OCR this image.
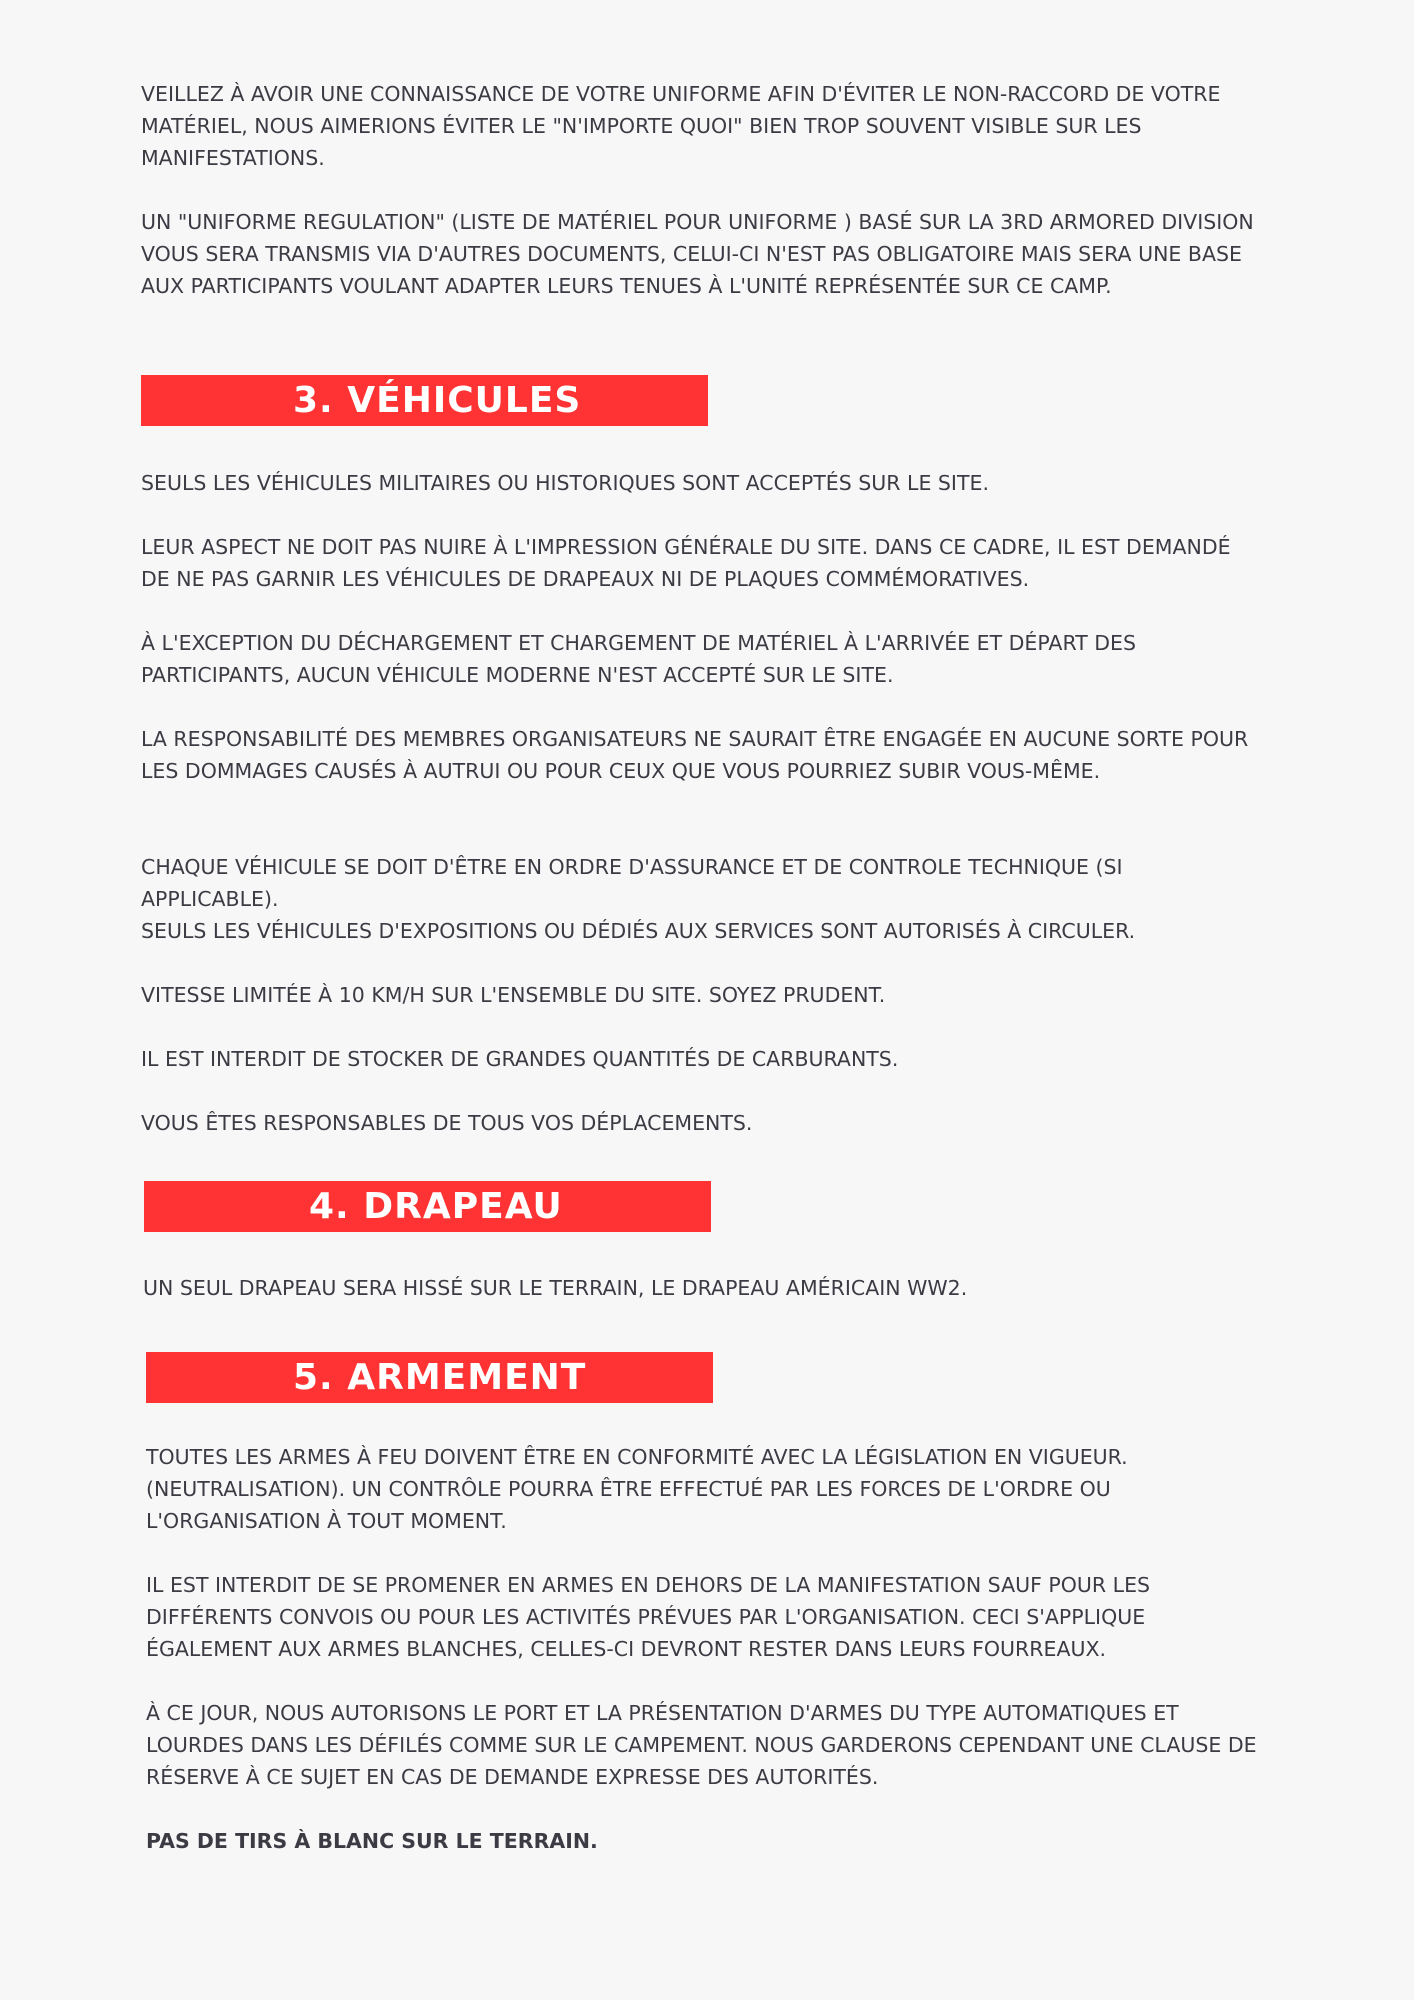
VEILLEZ À AVOIR UNE CONNAISSANCE DE VOTRE UNIFORME AFIN D'ÉVITER LE NON-RACCORD DE VOTRE MATÉRIEL, NOUS AIMERIONS ÉVITER LE "N'IMPORTE QUOI" BIEN TROP SOUVENT VISIBLE SUR LES MANIFESTATIONS.

UN "UNIFORME REGULATION" (LISTE DE MATÉRIEL POUR UNIFORME ) BASÉ SUR LA 3RD ARMORED DIVISION VOUS SERA TRANSMIS VIA D'AUTRES DOCUMENTS, CELUI-CI N'EST PAS OBLIGATOIRE MAIS SERA UNE BASE AUX PARTICIPANTS VOULANT ADAPTER LEURS TENUES À L'UNITÉ REPRÉSENTÉE SUR CE CAMP.

3. VÉHICULES

SEULS LES VÉHICULES MILITAIRES OU HISTORIQUES SONT ACCEPTÉS SUR LE SITE.

LEUR ASPECT NE DOIT PAS NUIRE À L'IMPRESSION GÉNÉRALE DU SITE. DANS CE CADRE, IL EST DEMANDÉ DE NE PAS GARNIR LES VÉHICULES DE DRAPEAUX NI DE PLAQUES COMMÉMORATIVES.

À L'EXCEPTION DU DÉCHARGEMENT ET CHARGEMENT DE MATÉRIEL À L'ARRIVÉE ET DÉPART DES PARTICIPANTS, AUCUN VÉHICULE MODERNE N'EST ACCEPTÉ SUR LE SITE.

LA RESPONSABILITÉ DES MEMBRES ORGANISATEURS NE SAURAIT ÊTRE ENGAGÉE EN AUCUNE SORTE POUR LES DOMMAGES CAUSÉS À AUTRUI OU POUR CEUX QUE VOUS POURRIEZ SUBIR VOUS-MÊME.

CHAQUE VÉHICULE SE DOIT D'ÊTRE EN ORDRE D'ASSURANCE ET DE CONTROLE TECHNIQUE (SI APPLICABLE).

SEULS LES VÉHICULES D'EXPOSITIONS OU DÉDIÉS AUX SERVICES SONT AUTORISÉS À CIRCULER.

VITESSE LIMITÉE À 10 KM/H SUR L'ENSEMBLE DU SITE. SOYEZ PRUDENT.

IL EST INTERDIT DE STOCKER DE GRANDES QUANTITÉS DE CARBURANTS.

VOUS ÊTES RESPONSABLES DE TOUS VOS DÉPLACEMENTS.

4. DRAPEAU

UN SEUL DRAPEAU SERA HISSÉ SUR LE TERRAIN, LE DRAPEAU AMÉRICAIN WW2.

5. ARMEMENT

TOUTES LES ARMES À FEU DOIVENT ÊTRE EN CONFORMITÉ AVEC LA LÉGISLATION EN VIGUEUR. (NEUTRALISATION). UN CONTRÔLE POURRA ÊTRE EFFECTUÉ PAR LES FORCES DE L'ORDRE OU L'ORGANISATION À TOUT MOMENT.

IL EST INTERDIT DE SE PROMENER EN ARMES EN DEHORS DE LA MANIFESTATION SAUF POUR LES DIFFÉRENTS CONVOIS OU POUR LES ACTIVITÉS PRÉVUES PAR L'ORGANISATION. CECI S'APPLIQUE ÉGALEMENT AUX ARMES BLANCHES, CELLES-CI DEVRONT RESTER DANS LEURS FOURREAUX.

À CE JOUR, NOUS AUTORISONS LE PORT ET LA PRÉSENTATION D'ARMES DU TYPE AUTOMATIQUES ET LOURDES DANS LES DÉFILÉS COMME SUR LE CAMPEMENT. NOUS GARDERONS CEPENDANT UNE CLAUSE DE RÉSERVE À CE SUJET EN CAS DE DEMANDE EXPRESSE DES AUTORITÉS.

PAS DE TIRS À BLANC SUR LE TERRAIN.
